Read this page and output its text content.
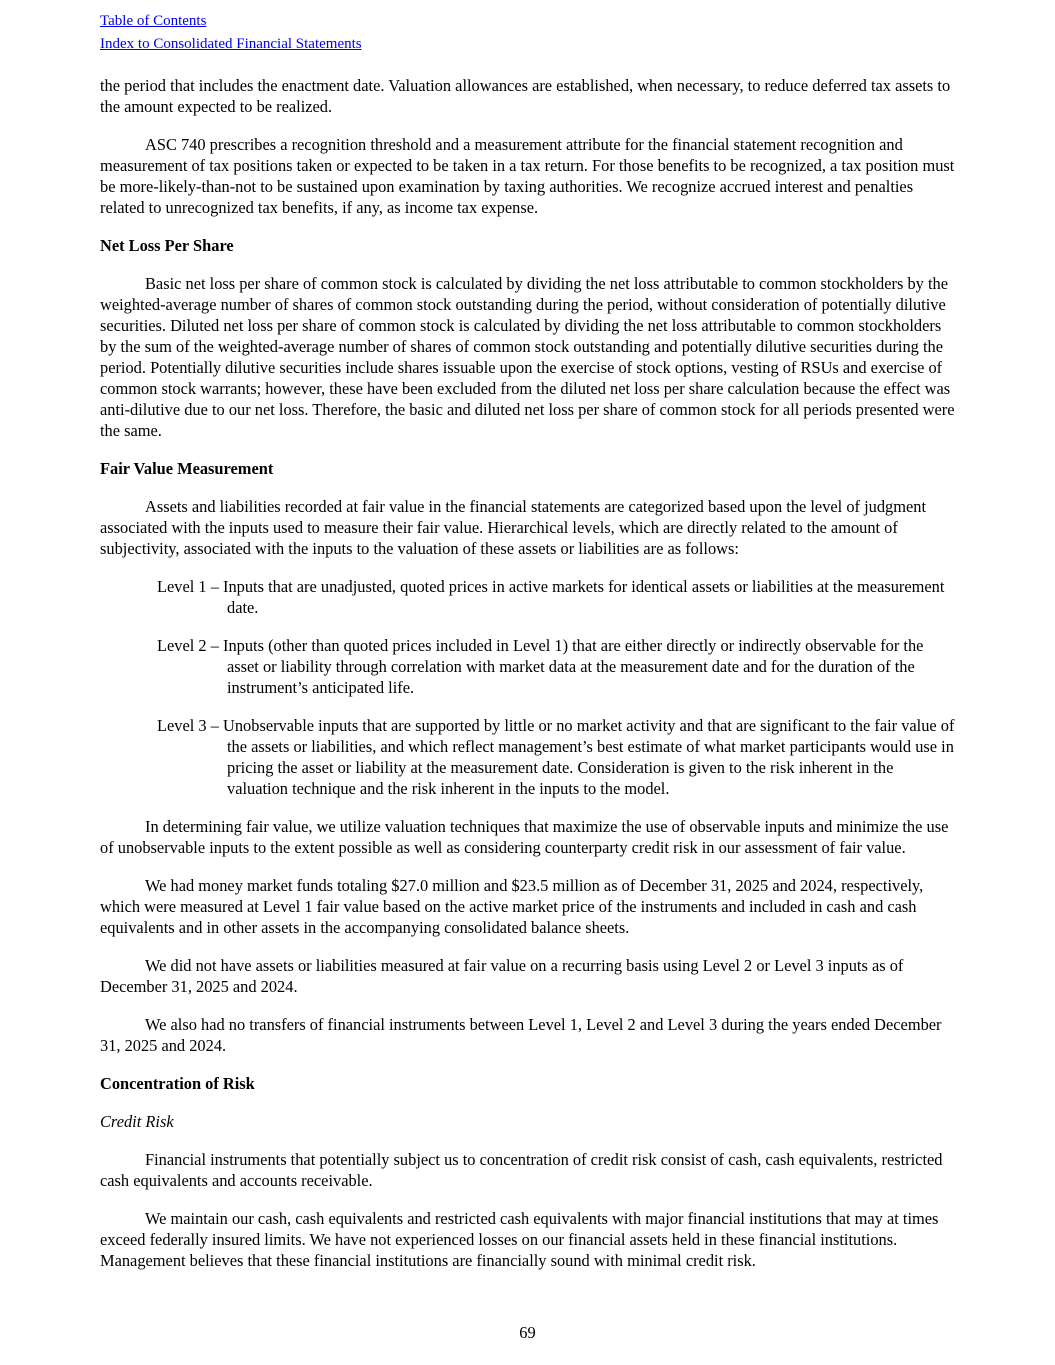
Table of Contents
Index to Consolidated Financial Statements

the period that includes the enactment date. Valuation allowances are established, when necessary, to reduce deferred tax assets to the amount expected to be realized.

ASC 740 prescribes a recognition threshold and a measurement attribute for the financial statement recognition and measurement of tax positions taken or expected to be taken in a tax return. For those benefits to be recognized, a tax position must be more-likely-than-not to be sustained upon examination by taxing authorities. We recognize accrued interest and penalties related to unrecognized tax benefits, if any, as income tax expense.

Net Loss Per Share

Basic net loss per share of common stock is calculated by dividing the net loss attributable to common stockholders by the weighted-average number of shares of common stock outstanding during the period, without consideration of potentially dilutive securities. Diluted net loss per share of common stock is calculated by dividing the net loss attributable to common stockholders by the sum of the weighted-average number of shares of common stock outstanding and potentially dilutive securities during the period. Potentially dilutive securities include shares issuable upon the exercise of stock options, vesting of RSUs and exercise of common stock warrants; however, these have been excluded from the diluted net loss per share calculation because the effect was anti-dilutive due to our net loss. Therefore, the basic and diluted net loss per share of common stock for all periods presented were the same.

Fair Value Measurement

Assets and liabilities recorded at fair value in the financial statements are categorized based upon the level of judgment associated with the inputs used to measure their fair value. Hierarchical levels, which are directly related to the amount of subjectivity, associated with the inputs to the valuation of these assets or liabilities are as follows:

Level 1 – Inputs that are unadjusted, quoted prices in active markets for identical assets or liabilities at the measurement date.
Level 2 – Inputs (other than quoted prices included in Level 1) that are either directly or indirectly observable for the asset or liability through correlation with market data at the measurement date and for the duration of the instrument’s anticipated life.
Level 3 – Unobservable inputs that are supported by little or no market activity and that are significant to the fair value of the assets or liabilities, and which reflect management’s best estimate of what market participants would use in pricing the asset or liability at the measurement date. Consideration is given to the risk inherent in the valuation technique and the risk inherent in the inputs to the model.

In determining fair value, we utilize valuation techniques that maximize the use of observable inputs and minimize the use of unobservable inputs to the extent possible as well as considering counterparty credit risk in our assessment of fair value.

We had money market funds totaling $27.0 million and $23.5 million as of December 31, 2025 and 2024, respectively, which were measured at Level 1 fair value based on the active market price of the instruments and included in cash and cash equivalents and in other assets in the accompanying consolidated balance sheets.

We did not have assets or liabilities measured at fair value on a recurring basis using Level 2 or Level 3 inputs as of December 31, 2025 and 2024.

We also had no transfers of financial instruments between Level 1, Level 2 and Level 3 during the years ended December 31, 2025 and 2024.

Concentration of Risk
Credit Risk

Financial instruments that potentially subject us to concentration of credit risk consist of cash, cash equivalents, restricted cash equivalents and accounts receivable.

We maintain our cash, cash equivalents and restricted cash equivalents with major financial institutions that may at times exceed federally insured limits. We have not experienced losses on our financial assets held in these financial institutions. Management believes that these financial institutions are financially sound with minimal credit risk.

69
